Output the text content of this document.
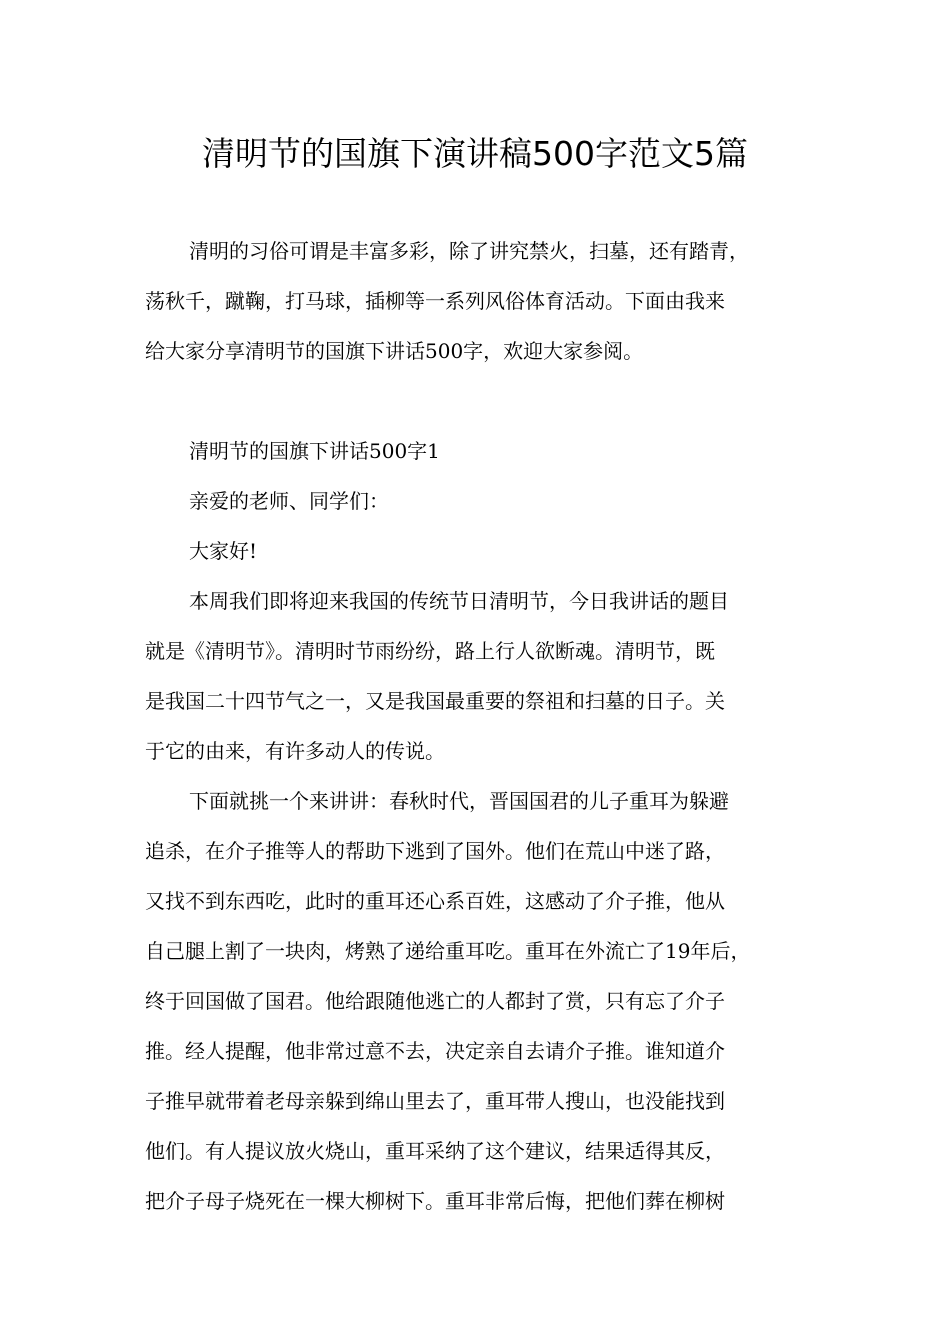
清明节的国旗下演讲稿500字范文5篇
清明的习俗可谓是丰富多彩，除了讲究禁火，扫墓，还有踏青，
荡秋千，蹴鞠，打马球，插柳等一系列风俗体育活动。下面由我来
给大家分享清明节的国旗下讲话500字，欢迎大家参阅。
清明节的国旗下讲话500字1
亲爱的老师、同学们：
大家好!
本周我们即将迎来我国的传统节日清明节，今日我讲话的题目
就是《清明节》。清明时节雨纷纷，路上行人欲断魂。清明节，既
是我国二十四节气之一，又是我国最重要的祭祖和扫墓的日子。关
于它的由来，有许多动人的传说。
下面就挑一个来讲讲：春秋时代，晋国国君的儿子重耳为躲避
追杀，在介子推等人的帮助下逃到了国外。他们在荒山中迷了路，
又找不到东西吃，此时的重耳还心系百姓，这感动了介子推，他从
自己腿上割了一块肉，烤熟了递给重耳吃。重耳在外流亡了19年后，
终于回国做了国君。他给跟随他逃亡的人都封了赏，只有忘了介子
推。经人提醒，他非常过意不去，决定亲自去请介子推。谁知道介
子推早就带着老母亲躲到绵山里去了，重耳带人搜山，也没能找到
他们。有人提议放火烧山，重耳采纳了这个建议，结果适得其反，
把介子母子烧死在一棵大柳树下。重耳非常后悔，把他们葬在柳树
